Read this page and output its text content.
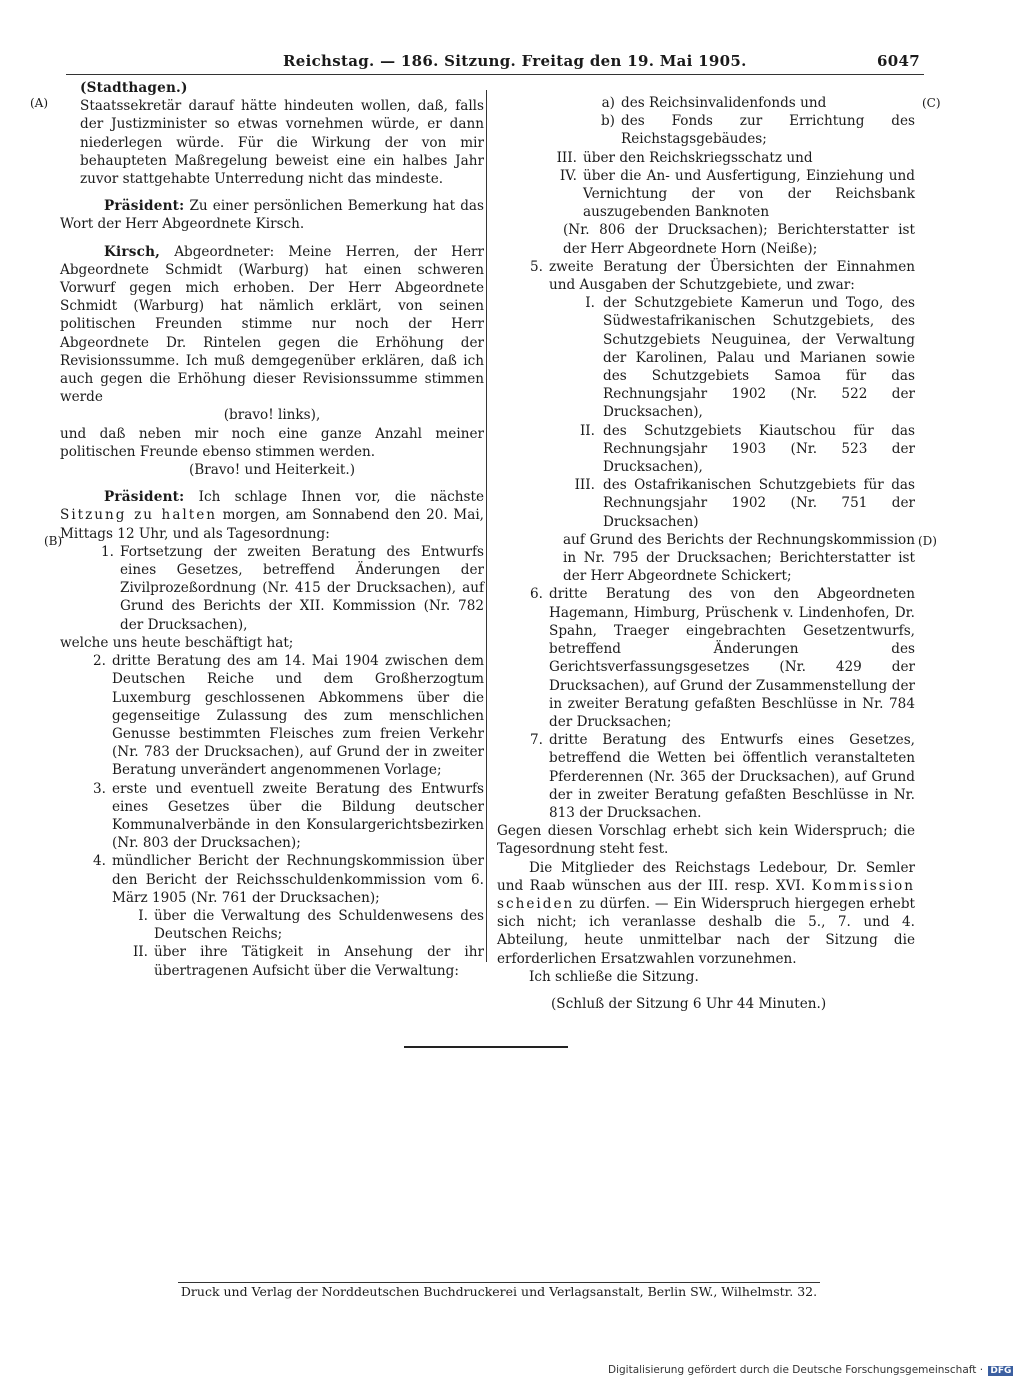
Reichstag. — 186. Sitzung. Freitag den 19. Mai 1905.	6047
(A)
(B)
(C)
(D)
(Stadthagen.)

Staatssekretär darauf hätte hindeuten wollen, daß, falls der Justizminister so etwas vornehmen würde, er dann niederlegen würde. Für die Wirkung der von mir behaupteten Maßregelung beweist eine ein halbes Jahr zuvor stattgehabte Unterredung nicht das mindeste.

Präsident: Zu einer persönlichen Bemerkung hat das Wort der Herr Abgeordnete Kirsch.

Kirsch, Abgeordneter: Meine Herren, der Herr Abgeordnete Schmidt (Warburg) hat einen schweren Vorwurf gegen mich erhoben. Der Herr Abgeordnete Schmidt (Warburg) hat nämlich erklärt, von seinen politischen Freunden stimme nur noch der Herr Abgeordnete Dr. Rintelen gegen die Erhöhung der Revisionssumme. Ich muß demgegenüber erklären, daß ich auch gegen die Erhöhung dieser Revisionssumme stimmen werde

(bravo! links),

und daß neben mir noch eine ganze Anzahl meiner politischen Freunde ebenso stimmen werden.

(Bravo! und Heiterkeit.)

Präsident: Ich schlage Ihnen vor, die nächste Sitzung zu halten morgen, am Sonnabend den 20. Mai, Mittags 12 Uhr, und als Tagesordnung:

1. Fortsetzung der zweiten Beratung des Entwurfs eines Gesetzes, betreffend Änderungen der Zivilprozeßordnung (Nr. 415 der Drucksachen), auf Grund des Berichts der XII. Kommission (Nr. 782 der Drucksachen),

welche uns heute beschäftigt hat;

2. dritte Beratung des am 14. Mai 1904 zwischen dem Deutschen Reiche und dem Großherzogtum Luxemburg geschlossenen Abkommens über die gegenseitige Zulassung des zum menschlichen Genusse bestimmten Fleisches zum freien Verkehr (Nr. 783 der Drucksachen), auf Grund der in zweiter Beratung unverändert angenommenen Vorlage;
3. erste und eventuell zweite Beratung des Entwurfs eines Gesetzes über die Bildung deutscher Kommunalverbände in den Konsulargerichtsbezirken (Nr. 803 der Drucksachen);
4. mündlicher Bericht der Rechnungskommission über den Bericht der Reichsschuldenkommission vom 6. März 1905 (Nr. 761 der Drucksachen);
I. über die Verwaltung des Schuldenwesens des Deutschen Reichs;
II. über ihre Tätigkeit in Ansehung der ihr übertragenen Aufsicht über die Verwaltung:
a) des Reichsinvalidenfonds und
b) des Fonds zur Errichtung des Reichstagsgebäudes;
III. über den Reichskriegsschatz und
IV. über die An- und Ausfertigung, Einziehung und Vernichtung der von der Reichsbank auszugebenden Banknoten

(Nr. 806 der Drucksachen); Berichterstatter ist der Herr Abgeordnete Horn (Neiße);

5. zweite Beratung der Übersichten der Einnahmen und Ausgaben der Schutzgebiete, und zwar:
I. der Schutzgebiete Kamerun und Togo, des Südwestafrikanischen Schutzgebiets, des Schutzgebiets Neuguinea, der Verwaltung der Karolinen, Palau und Marianen sowie des Schutzgebiets Samoa für das Rechnungsjahr 1902 (Nr. 522 der Drucksachen),
II. des Schutzgebiets Kiautschou für das Rechnungsjahr 1903 (Nr. 523 der Drucksachen),
III. des Ostafrikanischen Schutzgebiets für das Rechnungsjahr 1902 (Nr. 751 der Drucksachen)

auf Grund des Berichts der Rechnungskommission in Nr. 795 der Drucksachen; Berichterstatter ist der Herr Abgeordnete Schickert;

6. dritte Beratung des von den Abgeordneten Hagemann, Himburg, Prüschenk v. Lindenhofen, Dr. Spahn, Traeger eingebrachten Gesetzentwurfs, betreffend Änderungen des Gerichtsverfassungsgesetzes (Nr. 429 der Drucksachen), auf Grund der Zusammenstellung der in zweiter Beratung gefaßten Beschlüsse in Nr. 784 der Drucksachen;
7. dritte Beratung des Entwurfs eines Gesetzes, betreffend die Wetten bei öffentlich veranstalteten Pferderennen (Nr. 365 der Drucksachen), auf Grund der in zweiter Beratung gefaßten Beschlüsse in Nr. 813 der Drucksachen.

Gegen diesen Vorschlag erhebt sich kein Widerspruch; die Tagesordnung steht fest.

Die Mitglieder des Reichstags Ledebour, Dr. Semler und Raab wünschen aus der III. resp. XVI. Kommission scheiden zu dürfen. — Ein Widerspruch hiergegen erhebt sich nicht; ich veranlasse deshalb die 5., 7. und 4. Abteilung, heute unmittelbar nach der Sitzung die erforderlichen Ersatzwahlen vorzunehmen.

Ich schließe die Sitzung.

(Schluß der Sitzung 6 Uhr 44 Minuten.)

Druck und Verlag der Norddeutschen Buchdruckerei und Verlagsanstalt, Berlin SW., Wilhelmstr. 32.
Digitalisierung gefördert durch die Deutsche Forschungsgemeinschaft · DFG
